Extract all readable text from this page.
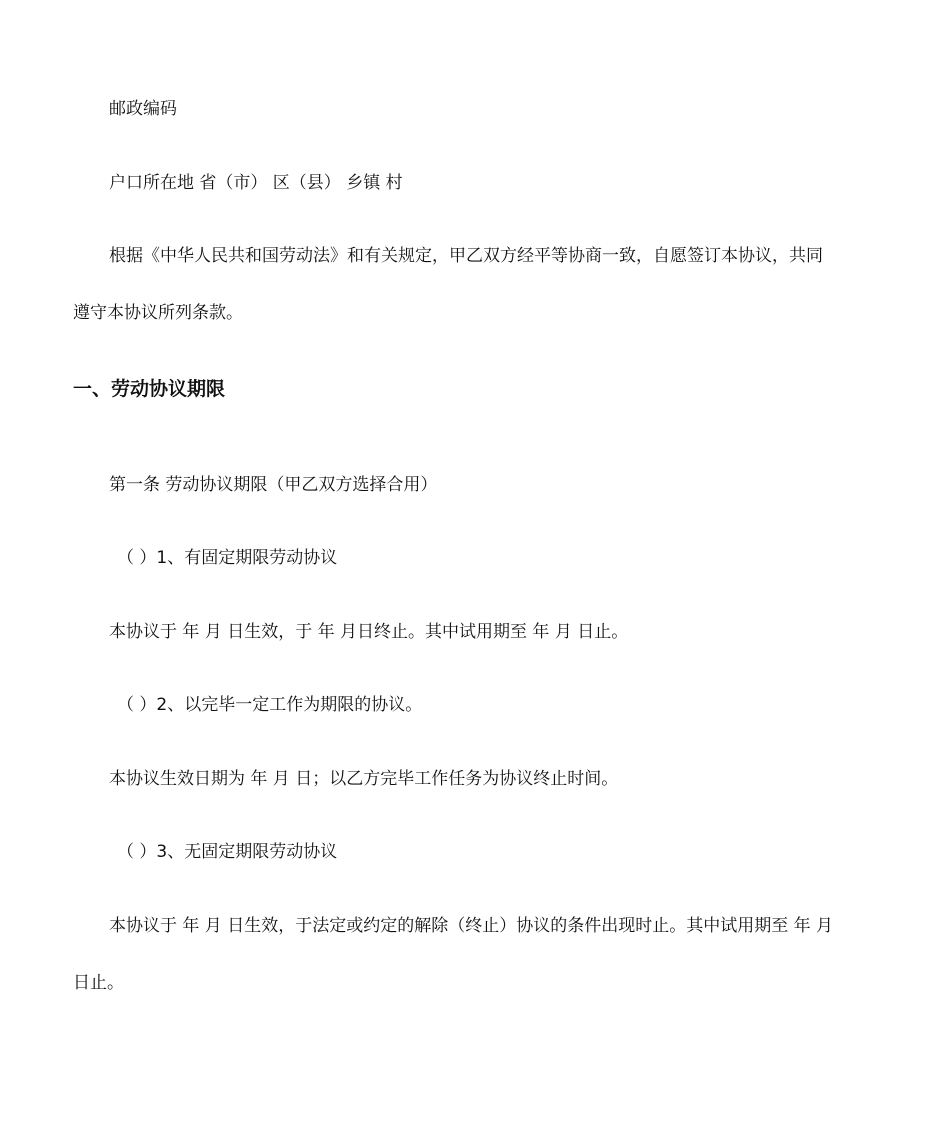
邮政编码

户口所在地 省（市） 区（县） 乡镇 村

根据《中华人民共和国劳动法》和有关规定，甲乙双方经平等协商一致，自愿签订本协议，共同

遵守本协议所列条款。

一、劳动协议期限

第一条 劳动协议期限（甲乙双方选择合用）

（ ）1、有固定期限劳动协议

本协议于 年 月 日生效，于 年 月日终止。其中试用期至 年 月 日止。

（ ）2、以完毕一定工作为期限的协议。

本协议生效日期为 年 月 日；以乙方完毕工作任务为协议终止时间。

（ ）3、无固定期限劳动协议

本协议于 年 月 日生效，于法定或约定的解除（终止）协议的条件出现时止。其中试用期至 年 月

日止。
